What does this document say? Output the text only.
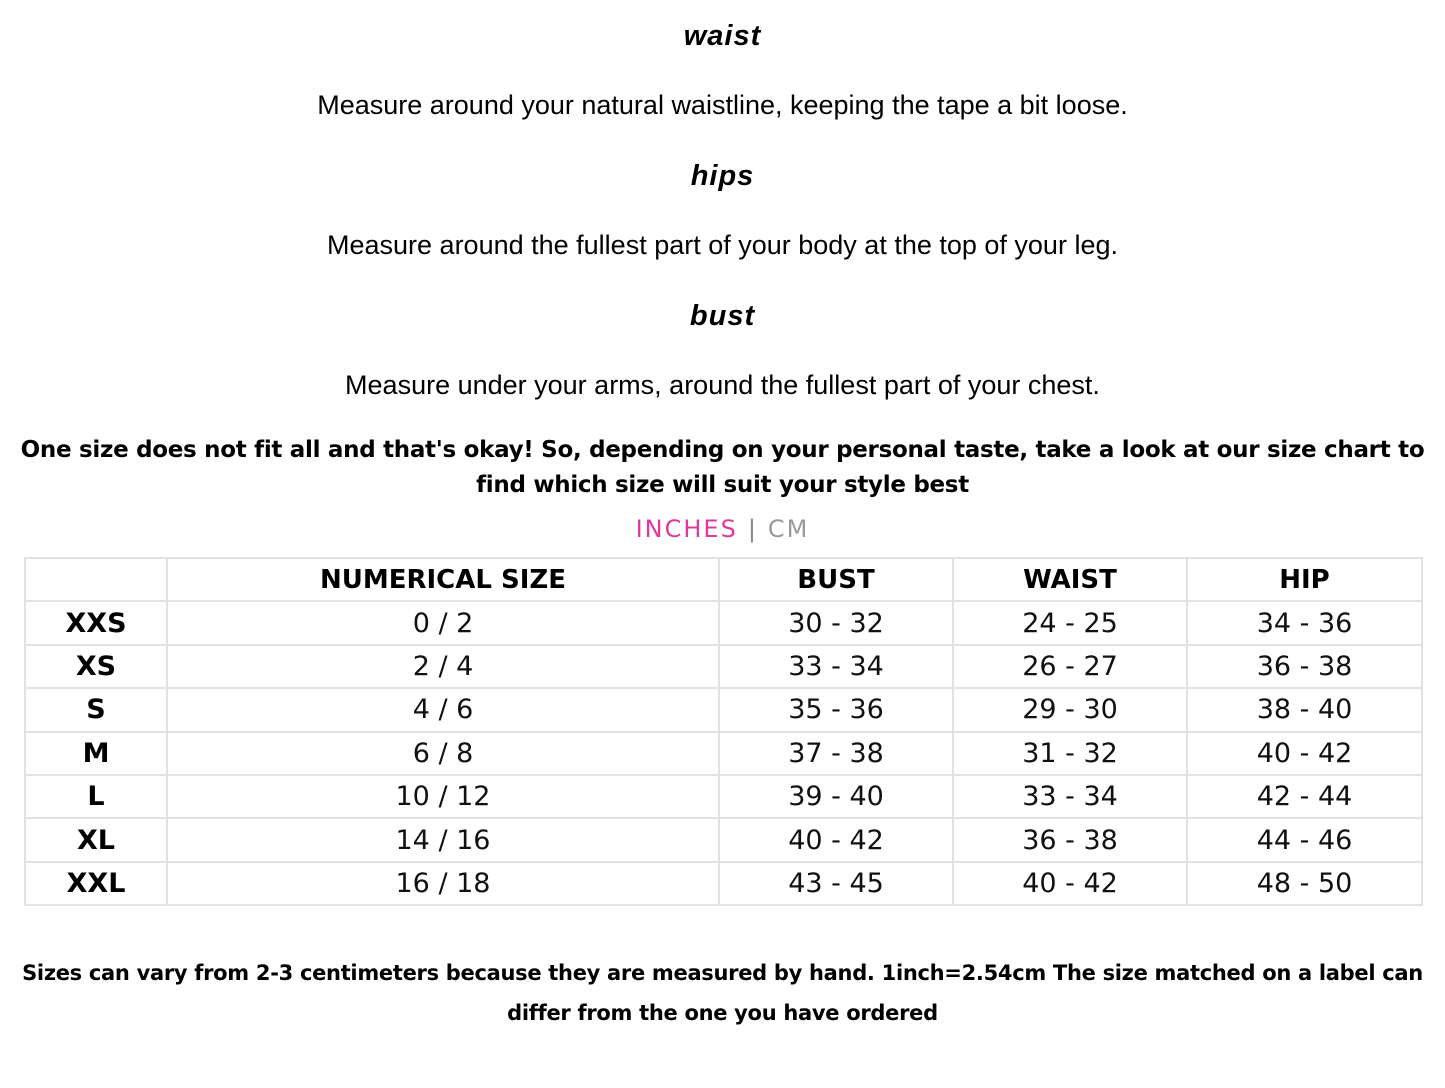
waist
Measure around your natural waistline, keeping the tape a bit loose.
hips
Measure around the fullest part of your body at the top of your leg.
bust
Measure under your arms, around the fullest part of your chest.
One size does not fit all and that's okay! So, depending on your personal taste, take a look at our size chart to find which size will suit your style best
INCHES | CM
	NUMERICAL SIZE	BUST	WAIST	HIP
XXS	0 / 2	30 - 32	24 - 25	34 - 36
XS	2 / 4	33 - 34	26 - 27	36 - 38
S	4 / 6	35 - 36	29 - 30	38 - 40
M	6 / 8	37 - 38	31 - 32	40 - 42
L	10 / 12	39 - 40	33 - 34	42 - 44
XL	14 / 16	40 - 42	36 - 38	44 - 46
XXL	16 / 18	43 - 45	40 - 42	48 - 50
Sizes can vary from 2-3 centimeters because they are measured by hand. 1inch=2.54cm The size matched on a label can differ from the one you have ordered
